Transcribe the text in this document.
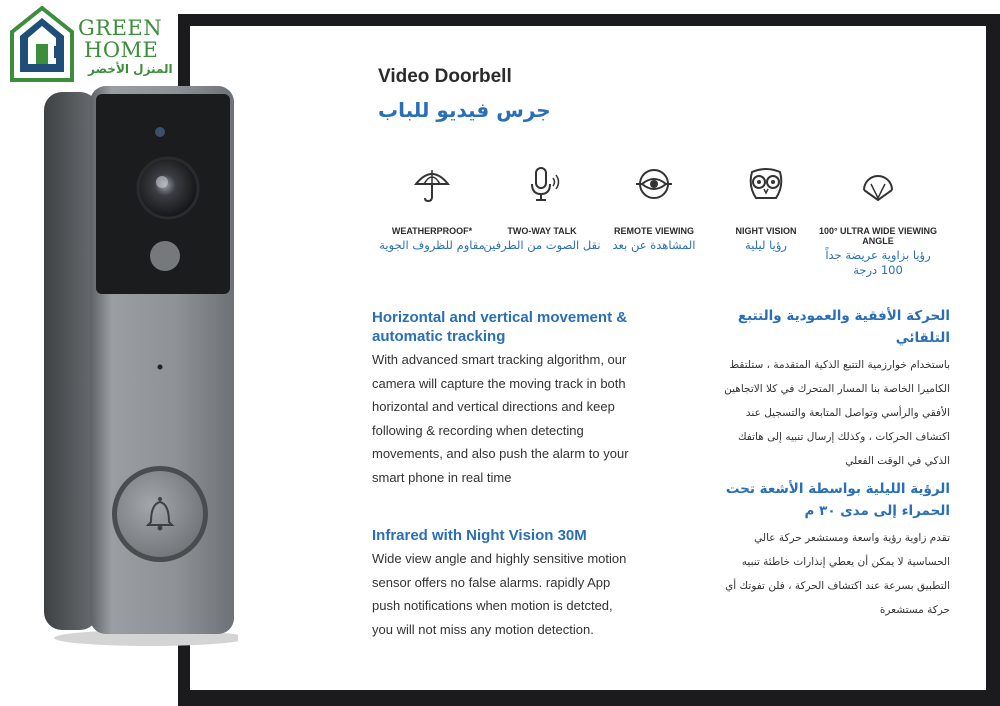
GREEN
HOME
المنزل الأخضر	Video Doorbell
جرس فيديو للباب
100° ULTRA WIDE VIEWING ANGLE
رؤيا بزاوية عريضة جداً 100 درجة
NIGHT VISION
رؤيا ليلية
REMOTE VIEWING
المشاهدة عن بعد
TWO-WAY TALK
نقل الصوت من الطرفين
WEATHERPROOF*
مقاوم للظروف الجوية
Horizontal and vertical movement & automatic tracking
With advanced smart tracking algorithm, our camera will capture the moving track in both horizontal and vertical directions and keep following & recording when detecting movements, and also push the alarm to your smart phone in real time
Infrared with Night Vision 30M
Wide view angle and highly sensitive motion sensor offers no false alarms. rapidly App push notifications when motion is detcted, you will not miss any motion detection.
الحركة الأفقية والعمودية والتتبع التلقائي
باستخدام خوارزمية التتبع الذكية المتقدمة ، ستلتقط الكاميرا الخاصة بنا المسار المتحرك في كلا الاتجاهين الأفقي والرأسي وتواصل المتابعة والتسجيل عند اكتشاف الحركات ، وكذلك إرسال تنبيه إلى هاتفك الذكي في الوقت الفعلي
الرؤية الليلية بواسطة الأشعة تحت الحمراء إلى مدى ٣٠ م
تقدم زاوية رؤية واسعة ومستشعر حركة عالي الحساسية لا يمكن أن يعطي إنذارات خاطئة تنبيه التطبيق بسرعة عند اكتشاف الحركة ، فلن تفوتك أي حركة مستشعرة
